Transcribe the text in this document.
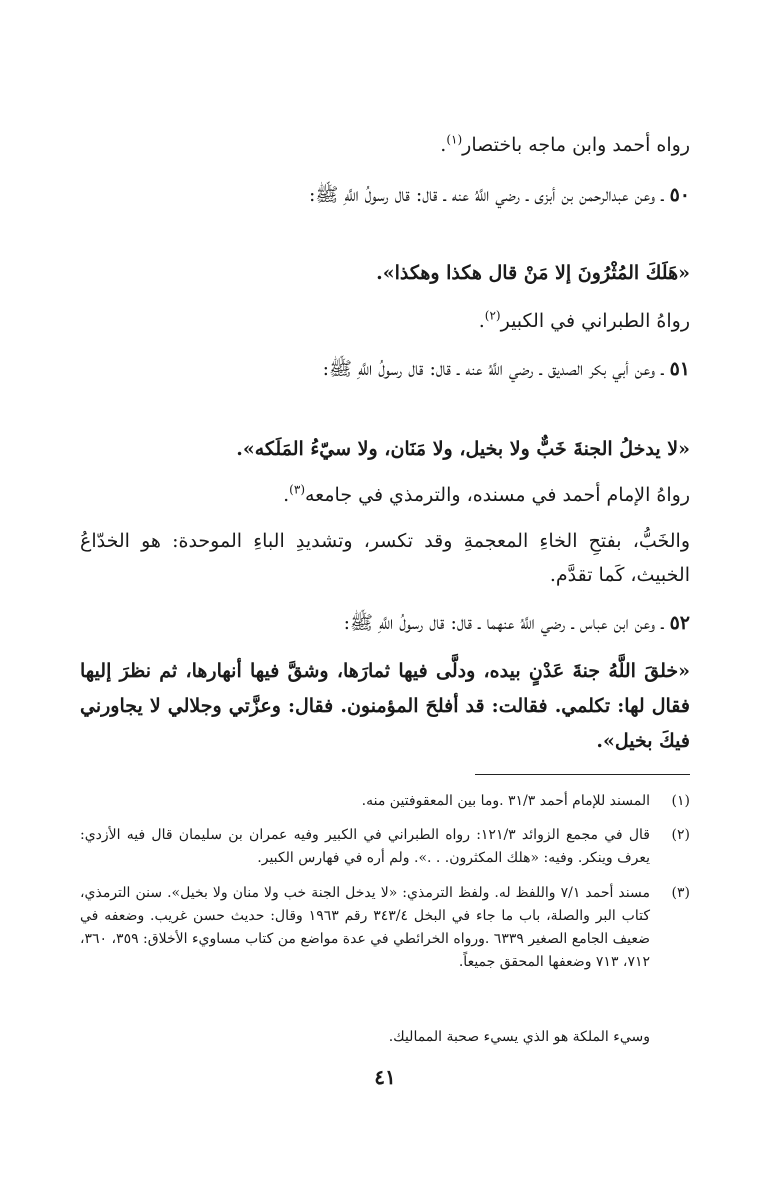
رواه أحمد وابن ماجه باختصار$^{(١)}$.
٥٠ ـ وعن عبدالرحمن بن أبزى ـ رضي اللَّهُ عنه ـ قال: قال رسولُ اللَّهِ ﷺ:
«هَلَكَ المُثْرُونَ إلا مَنْ قال هكذا وهكذا».
رواهُ الطبراني في الكبير$^{(٢)}$.
٥١ ـ وعن أبي بكر الصديق ـ رضي اللَّهُ عنه ـ قال: قال رسولُ اللَّهِ ﷺ:
«لا يدخلُ الجنةَ خَبٌّ ولا بخيل، ولا مَنَان، ولا سيّءُ المَلَكه».
رواهُ الإمام أحمد في مسنده، والترمذي في جامعه$^{(٣)}$.
والخَبُّ، بفتحِ الخاءِ المعجمةِ وقد تكسر، وتشديدِ الباءِ الموحدة: هو الخدّاعُ الخبيث، كَما تقدَّم.
٥٢ ـ وعن ابن عباس ـ رضي اللَّهُ عنهما ـ قال: قال رسولُ اللَّهِ ﷺ:
«خلقَ اللَّهُ جنةَ عَدْنٍ بيده، ودلَّى فيها ثمارَها، وشقَّ فيها أنهارها، ثم نظرَ إليها فقال لها: تكلمي. فقالت: قد أفلحَ المؤمنون. فقال: وعزَّتي وجلالي لا يجاورني فيكَ بخيل».
(١)
المسند للإمام أحمد ٣١/٣ .وما بين المعقوفتين منه.
(٢)
قال في مجمع الزوائد ١٢١/٣: رواه الطبراني في الكبير وفيه عمران بن سليمان قال فيه الأزدي: يعرف وينكر. وفيه: «هلك المكثرون. . .». ولم أره في فهارس الكبير.
(٣)
مسند أحمد ٧/١ واللفظ له. ولفظ الترمذي: «لا يدخل الجنة خب ولا منان ولا بخيل». سنن الترمذي، كتاب البر والصلة، باب ما جاء في البخل ٣٤٣/٤ رقم ١٩٦٣ وقال: حديث حسن غريب. وضعفه في ضعيف الجامع الصغير ٦٣٣٩ .ورواه الخرائطي في عدة مواضع من كتاب مساويء الأخلاق: ٣٥٩، ٣٦٠، ٧١٢، ٧١٣ وضعفها المحقق جميعاً.
وسيء الملكة هو الذي يسيء صحبة المماليك.
٤١
